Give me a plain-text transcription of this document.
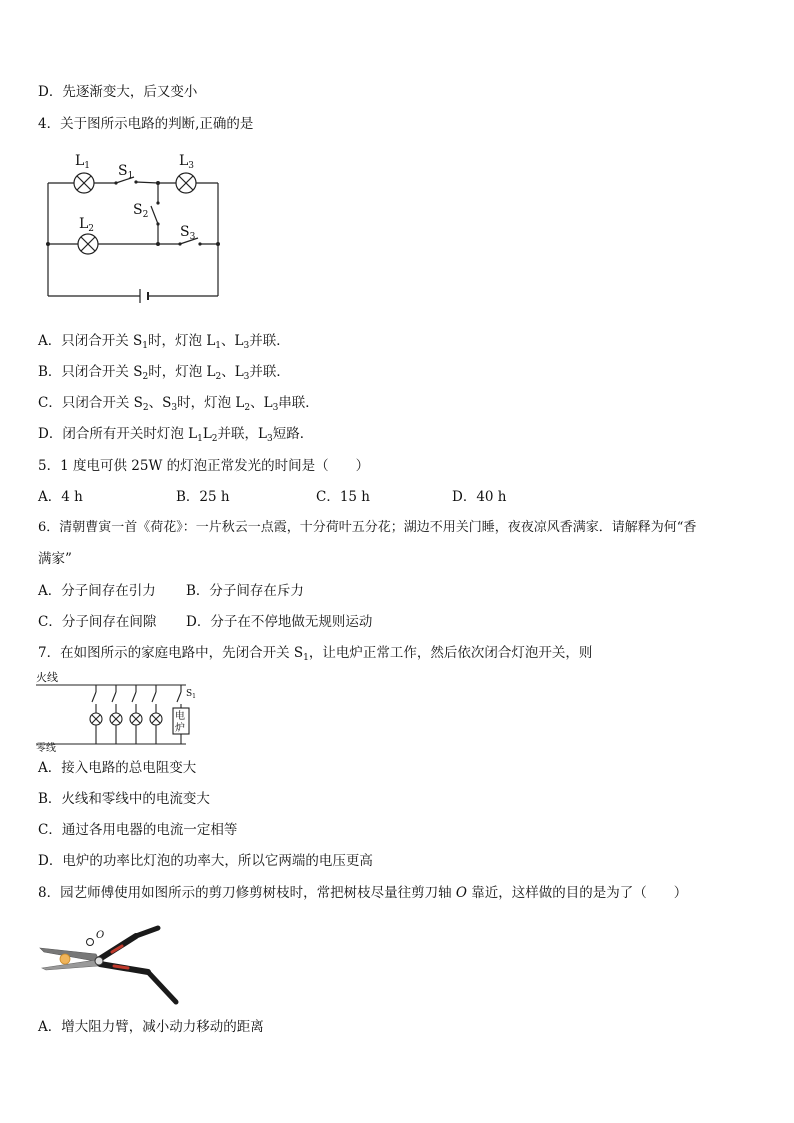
D．先逐渐变大，后又变小
4．关于图所示电路的判断,正确的是
$L_1$ $S_1$
$L_3$
$S_2$
$L_2$	$S_3$
A．只闭合开关 $S_1$时，灯泡 $L_1$、$L_3$并联．
B．只闭合开关 $S_2$时，灯泡 $L_2$、$L_3$并联．
C．只闭合开关 $S_2$、$S_3$时，灯泡 $L_2$、$L_3$串联．
D．闭合所有开关时灯泡 $L_1L_2$并联，$L_3$短路．
5．1 度电可供 25W 的灯泡正常发光的时间是（　　）
A．4 h	B．25 h	C．15 h	D．40 h
6．清朝曹寅一首《荷花》：一片秋云一点霞，十分荷叶五分花；湖边不用关门睡，夜夜凉风香满家．请解释为何“香
满家”
A．分子间存在引力 B．分子间存在斥力
C．分子间存在间隙 D．分子在不停地做无规则运动
7．在如图所示的家庭电路中，先闭合开关 $S_1$，让电炉正常工作，然后依次闭合灯泡开关，则
火线
零线
$S_1$
电
炉
A．接入电路的总电阻变大
B．火线和零线中的电流变大
C．通过各用电器的电流一定相等
D．电炉的功率比灯泡的功率大，所以它两端的电压更高
8．园艺师傅使用如图所示的剪刀修剪树枝时，常把树枝尽量往剪刀轴 O 靠近，这样做的目的是为了（　　）
O
A．增大阻力臂，减小动力移动的距离
